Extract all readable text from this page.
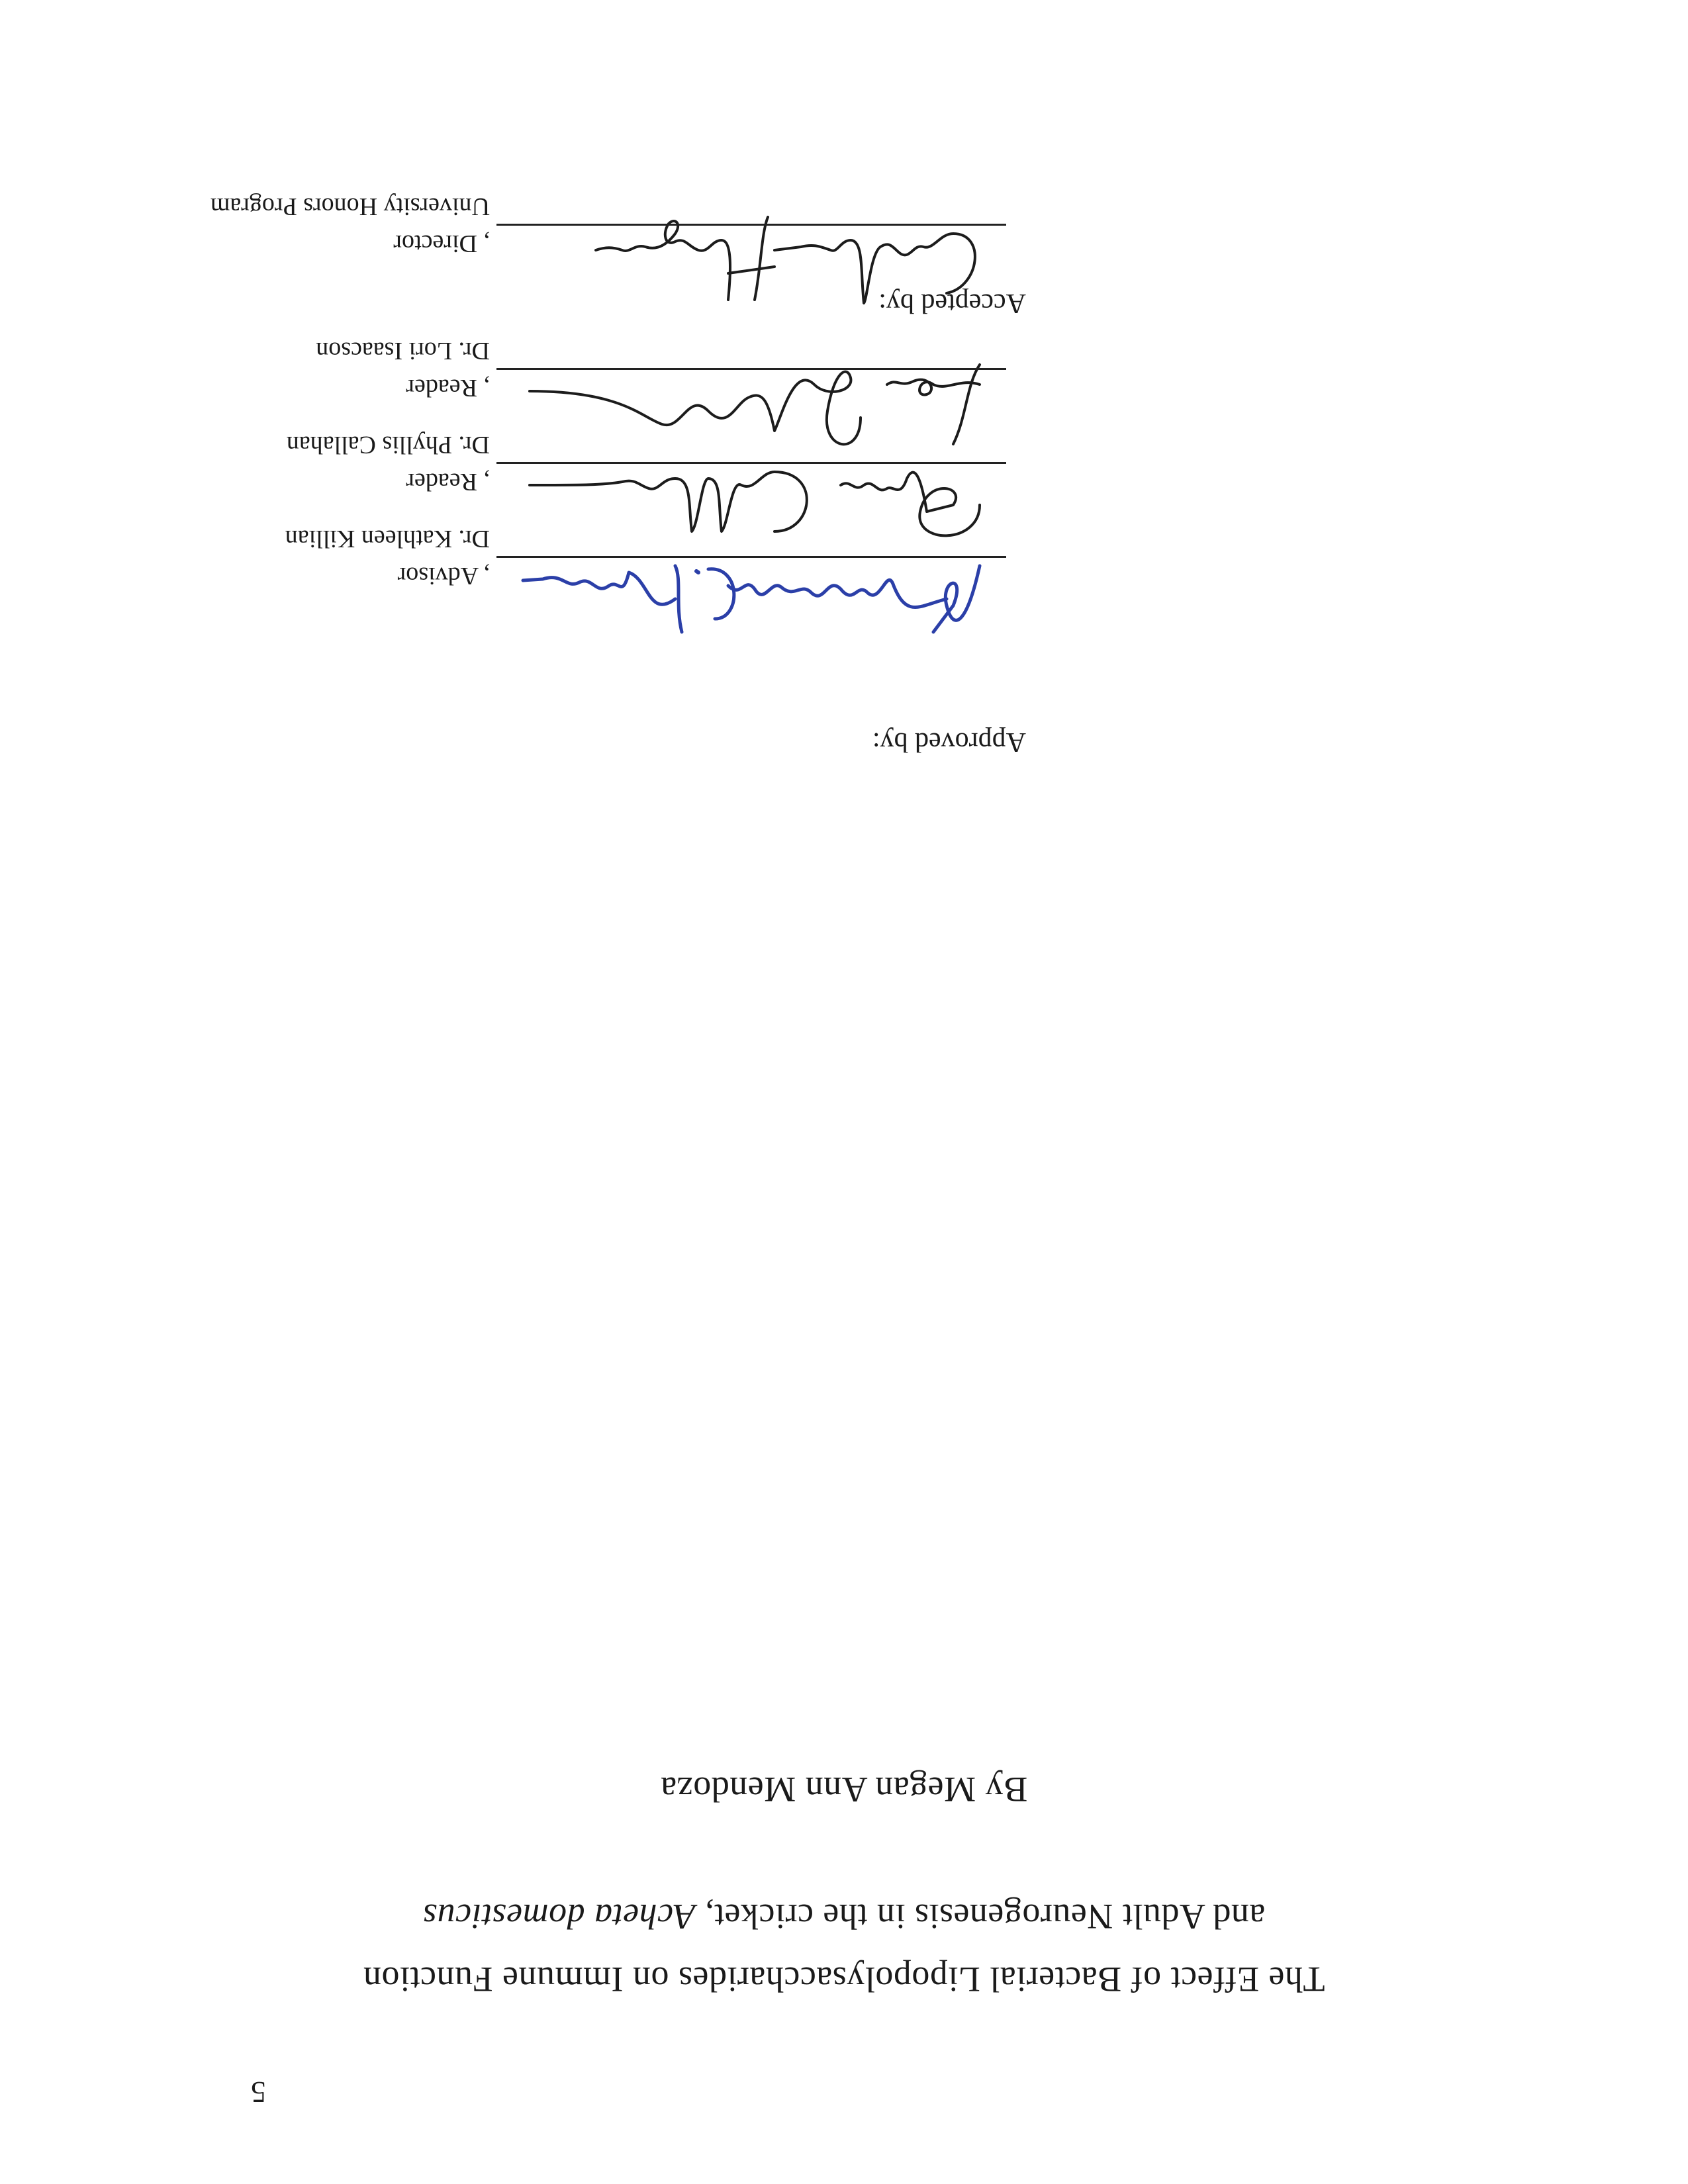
5
The Effect of Bacterial Lipopolysaccharides on Immune Function
and Adult Neurogenesis in the cricket, Acheta domesticus
By Megan Ann Mendoza
Approved by:
, Advisor
Dr. Kathleen Killian
, Reader
Dr. Phyllis Callahan
, Reader
Dr. Lori Isaacson
Accepted by:
, Director
University Honors Program
